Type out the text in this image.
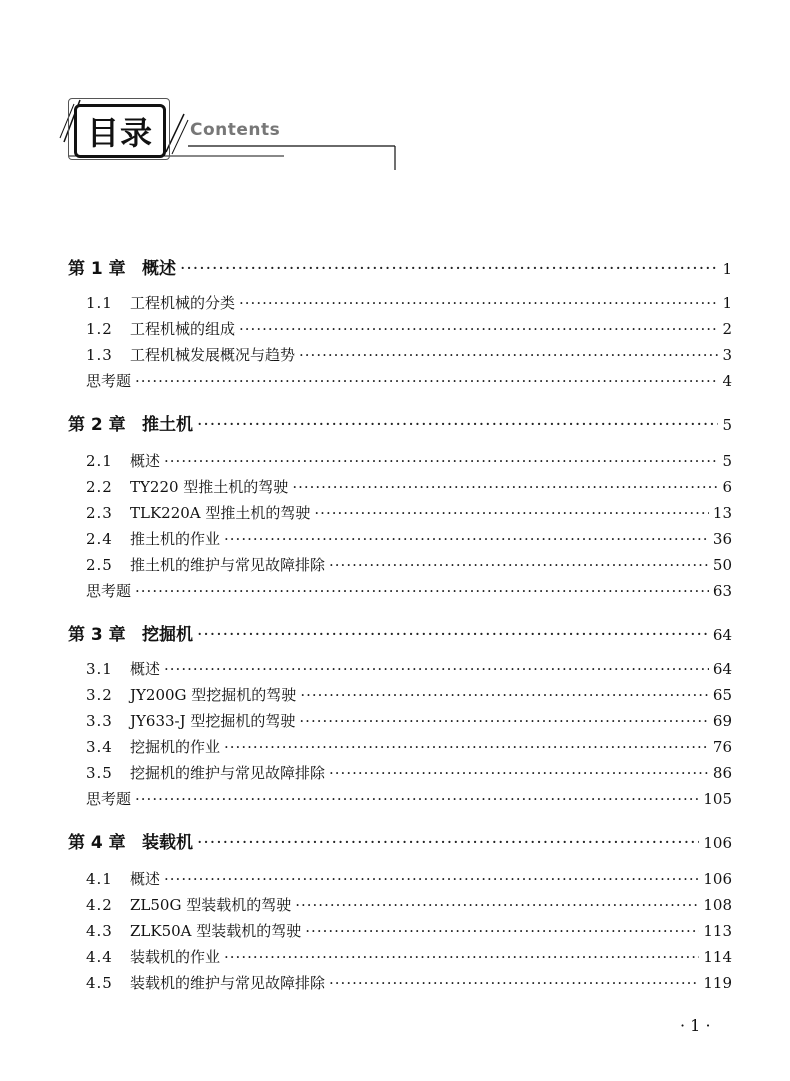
目录 Contents
第 1 章 概述 ·····	1
1.1	工程机械的分类 ·····	1
1.2	工程机械的组成 ·····	2
1.3	工程机械发展概况与趋势 ·····	3
思考题 ·····	4
第 2 章 推土机 ·····	5
2.1	概述 ·····	5
2.2	TY220 型推土机的驾驶 ·····	6
2.3	TLK220A 型推土机的驾驶 ·····	13
2.4	推土机的作业 ·····	36
2.5	推土机的维护与常见故障排除 ·····	50
思考题 ·····	63
第 3 章 挖掘机 ·····	64
3.1	概述 ·····	64
3.2	JY200G 型挖掘机的驾驶 ·····	65
3.3	JY633-J 型挖掘机的驾驶 ·····	69
3.4	挖掘机的作业 ·····	76
3.5	挖掘机的维护与常见故障排除 ·····	86
思考题 ·····	105
第 4 章 装载机 ·····	106
4.1	概述 ·····	106
4.2	ZL50G 型装载机的驾驶 ·····	108
4.3	ZLK50A 型装载机的驾驶 ·····	113
4.4	装载机的作业 ·····	114
4.5	装载机的维护与常见故障排除 ·····	119
· 1 ·
